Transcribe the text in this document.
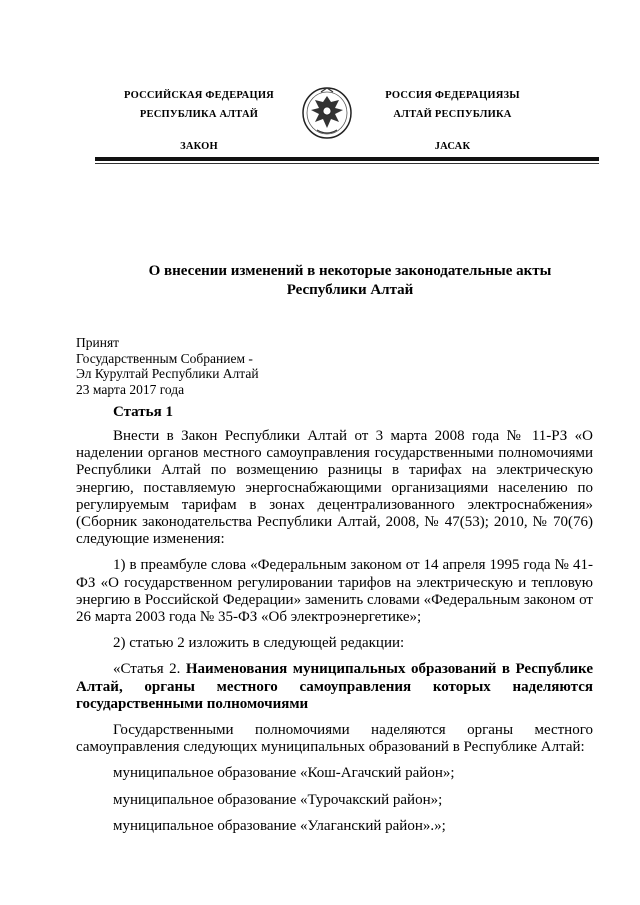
РОССИЙСКАЯ ФЕДЕРАЦИЯ
РЕСПУБЛИКА АЛТАЙ
ЗАКОН
РОССИЯ ФЕДЕРАЦИЯЗЫ
АЛТАЙ РЕСПУБЛИКА
JАСАК
О внесении изменений в некоторые законодательные акты
Республики Алтай
Принят
Государственным Собранием -
Эл Курултай Республики Алтай
23 марта 2017 года
Статья 1

Внести в Закон Республики Алтай от 3 марта 2008 года № 11-РЗ «О наделении органов местного самоуправления государственными полномочиями Республики Алтай по возмещению разницы в тарифах на электрическую энергию, поставляемую энергоснабжающими организациями населению по регулируемым тарифам в зонах децентрализованного электроснабжения» (Сборник законодательства Республики Алтай, 2008, № 47(53); 2010, № 70(76) следующие изменения:

1) в преамбуле слова «Федеральным законом от 14 апреля 1995 года № 41-ФЗ «О государственном регулировании тарифов на электрическую и тепловую энергию в Российской Федерации» заменить словами «Федеральным законом от 26 марта 2003 года № 35-ФЗ «Об электроэнергетике»;

2) статью 2 изложить в следующей редакции:

«Статья 2. Наименования муниципальных образований в Республике Алтай, органы местного самоуправления которых наделяются государственными полномочиями

Государственными полномочиями наделяются органы местного самоуправления следующих муниципальных образований в Республике Алтай:

муниципальное образование «Кош-Агачский район»;

муниципальное образование «Турочакский район»;

муниципальное образование «Улаганский район».»;
